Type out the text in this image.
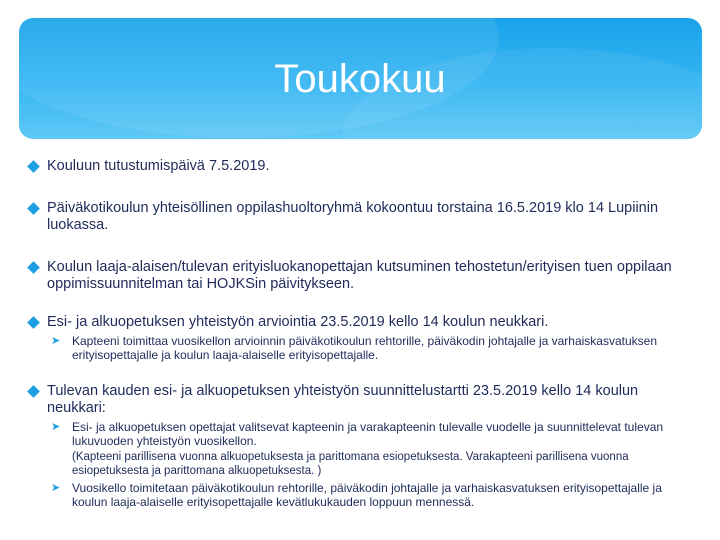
Toukokuu
Kouluun tutustumispäivä 7.5.2019.
Päiväkotikoulun yhteisöllinen oppilashuoltoryhmä kokoontuu torstaina 16.5.2019 klo 14 Lupiinin luokassa.
Koulun laaja-alaisen/tulevan erityisluokanopettajan kutsuminen tehostetun/erityisen tuen oppilaan oppimissuunnitelman tai HOJKSin päivitykseen.
Esi- ja alkuopetuksen yhteistyön arviointia 23.5.2019 kello 14 koulun neukkari.
➤ Kapteeni toimittaa vuosikellon arvioinnin päiväkotikoulun rehtorille, päiväkodin johtajalle ja varhaiskasvatuksen erityisopettajalle ja koulun laaja-alaiselle erityisopettajalle.
Tulevan kauden esi- ja alkuopetuksen yhteistyön suunnittelustartti 23.5.2019 kello 14 koulun neukkari:
➤ Esi- ja alkuopetuksen opettajat valitsevat kapteenin ja varakapteenin tulevalle vuodelle ja suunnittelevat tulevan lukuvuoden yhteistyön vuosikellon.
(Kapteeni parillisena vuonna alkuopetuksesta ja parittomana esiopetuksesta. Varakapteeni parillisena vuonna esiopetuksesta ja parittomana alkuopetuksesta. )
➤ Vuosikello toimitetaan päiväkotikoulun rehtorille, päiväkodin johtajalle ja varhaiskasvatuksen erityisopettajalle ja koulun laaja-alaiselle erityisopettajalle kevätlukukauden loppuun mennessä.
